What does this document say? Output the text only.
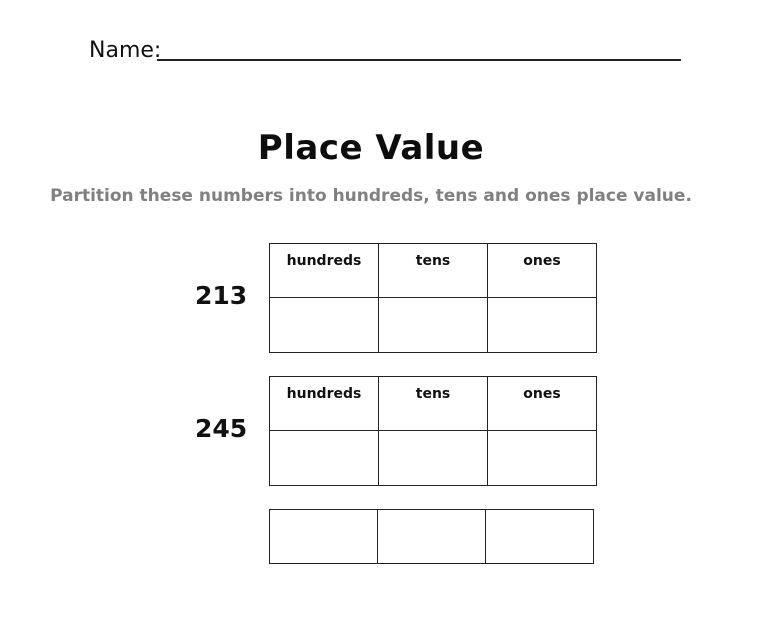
Name:
Place Value
Partition these numbers into hundreds, tens and ones place value.
213
hundreds	tens	ones

245
hundreds	tens	ones
